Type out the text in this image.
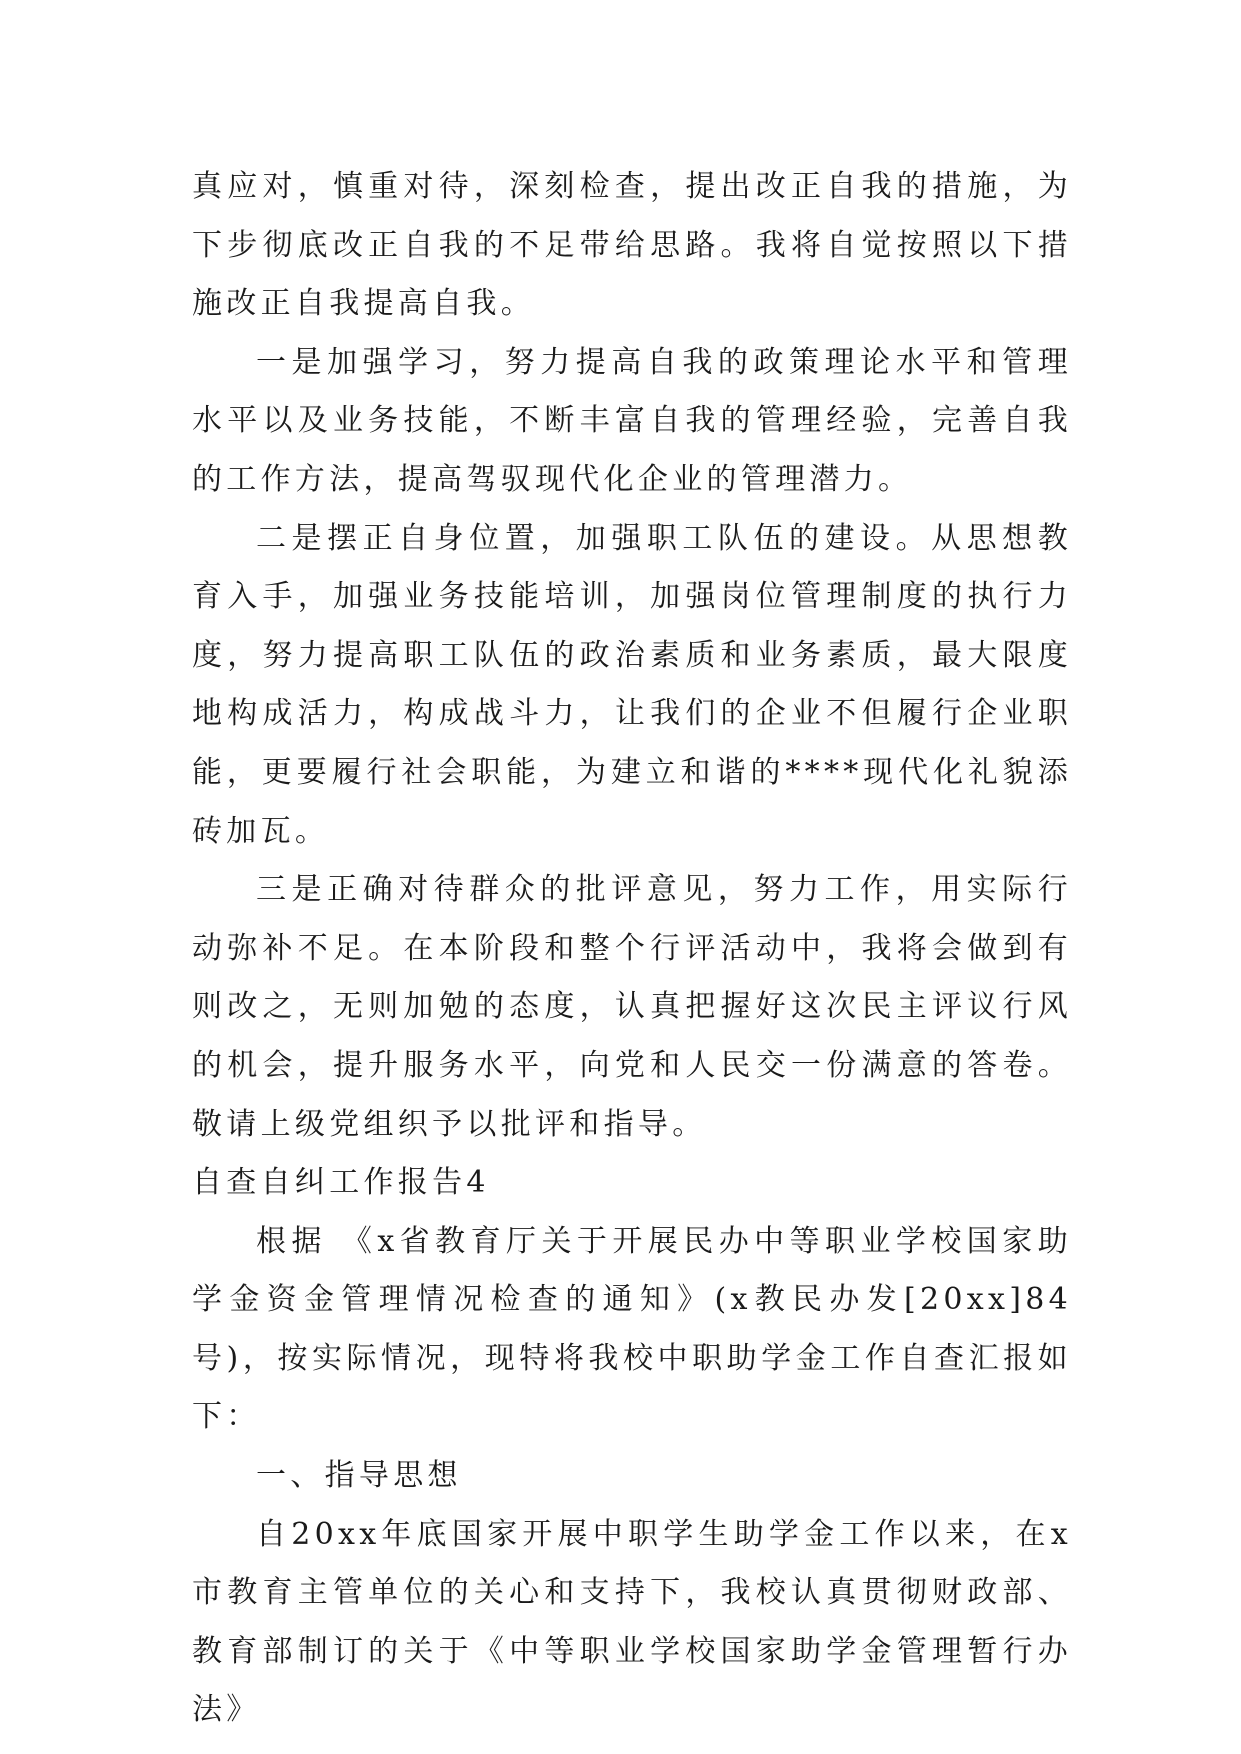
真应对，慎重对待，深刻检查，提出改正自我的措施，为下步彻底改正自我的不足带给思路。我将自觉按照以下措施改正自我提高自我。

一是加强学习，努力提高自我的政策理论水平和管理水平以及业务技能，不断丰富自我的管理经验，完善自我的工作方法，提高驾驭现代化企业的管理潜力。

二是摆正自身位置，加强职工队伍的建设。从思想教育入手，加强业务技能培训，加强岗位管理制度的执行力度，努力提高职工队伍的政治素质和业务素质，最大限度地构成活力，构成战斗力，让我们的企业不但履行企业职能，更要履行社会职能，为建立和谐的****现代化礼貌添砖加瓦。

三是正确对待群众的批评意见，努力工作，用实际行动弥补不足。在本阶段和整个行评活动中，我将会做到有则改之，无则加勉的态度，认真把握好这次民主评议行风的机会，提升服务水平，向党和人民交一份满意的答卷。敬请上级党组织予以批评和指导。

自查自纠工作报告4

根据 《x省教育厅关于开展民办中等职业学校国家助学金资金管理情况检查的通知》(x教民办发[20xx]84号)，按实际情况，现特将我校中职助学金工作自查汇报如下：

一、指导思想

自20xx年底国家开展中职学生助学金工作以来，在x市教育主管单位的关心和支持下，我校认真贯彻财政部、教育部制订的关于《中等职业学校国家助学金管理暂行办法》
